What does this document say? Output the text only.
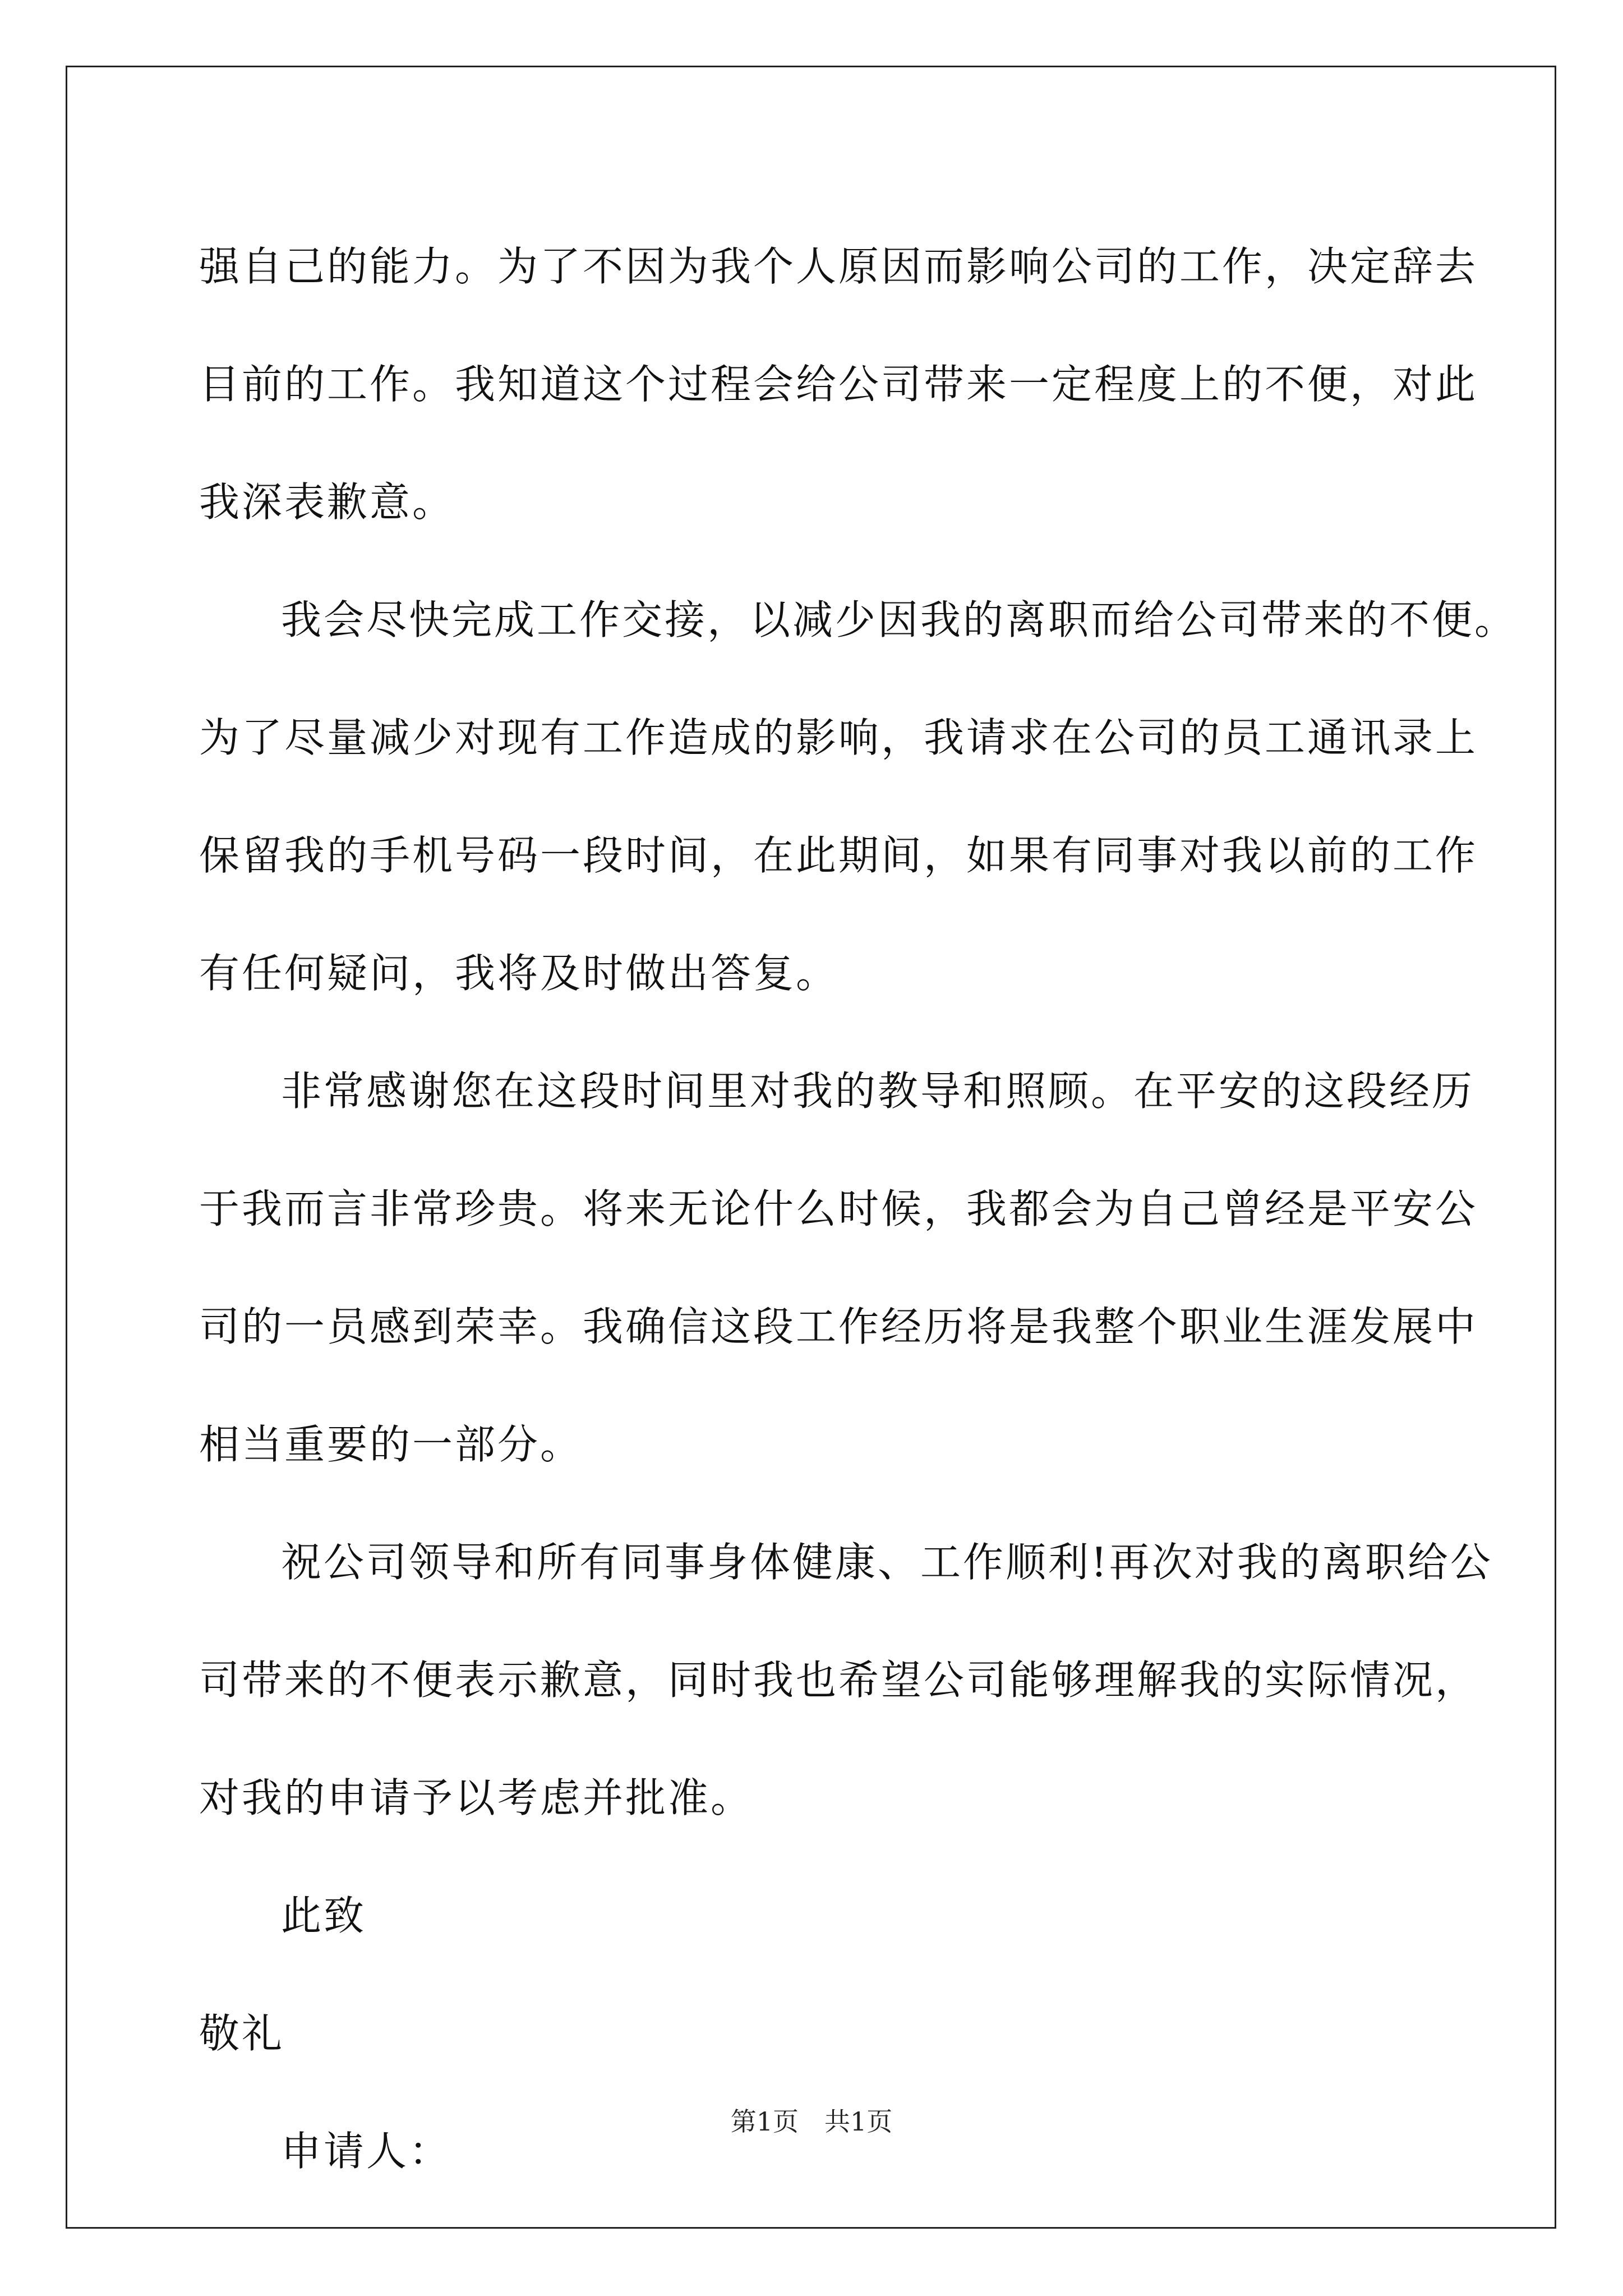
强自己的能力。为了不因为我个人原因而影响公司的工作，决定辞去

目前的工作。我知道这个过程会给公司带来一定程度上的不便，对此

我深表歉意。

我会尽快完成工作交接，以减少因我的离职而给公司带来的不便。

为了尽量减少对现有工作造成的影响，我请求在公司的员工通讯录上

保留我的手机号码一段时间，在此期间，如果有同事对我以前的工作

有任何疑问，我将及时做出答复。

非常感谢您在这段时间里对我的教导和照顾。在平安的这段经历

于我而言非常珍贵。将来无论什么时候，我都会为自己曾经是平安公

司的一员感到荣幸。我确信这段工作经历将是我整个职业生涯发展中

相当重要的一部分。

祝公司领导和所有同事身体健康、工作顺利!再次对我的离职给公

司带来的不便表示歉意，同时我也希望公司能够理解我的实际情况，

对我的申请予以考虑并批准。

此致

敬礼

申请人：

第1页　共1页
